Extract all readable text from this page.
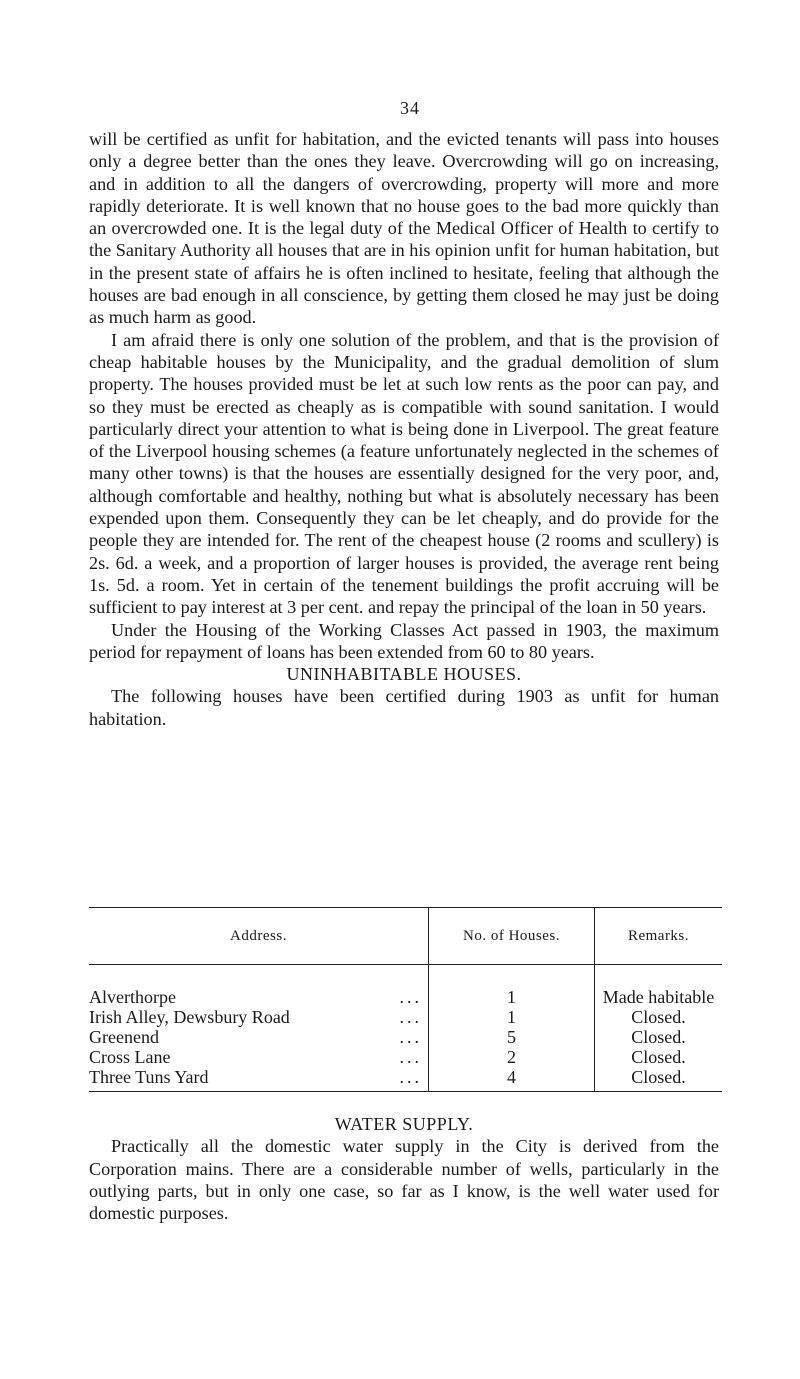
34

will be certified as unfit for habitation, and the evicted tenants will pass into houses only a degree better than the ones they leave. Overcrowding will go on increasing, and in addition to all the dangers of overcrowding, property will more and more rapidly deteriorate. It is well known that no house goes to the bad more quickly than an overcrowded one. It is the legal duty of the Medical Officer of Health to certify to the Sanitary Authority all houses that are in his opinion unfit for human habitation, but in the present state of affairs he is often inclined to hesitate, feeling that although the houses are bad enough in all conscience, by getting them closed he may just be doing as much harm as good.

I am afraid there is only one solution of the problem, and that is the provision of cheap habitable houses by the Municipality, and the gradual demolition of slum property. The houses provided must be let at such low rents as the poor can pay, and so they must be erected as cheaply as is compatible with sound sanitation. I would particularly direct your attention to what is being done in Liverpool. The great feature of the Liverpool housing schemes (a feature unfortunately neglected in the schemes of many other towns) is that the houses are essentially designed for the very poor, and, although comfortable and healthy, nothing but what is absolutely necessary has been expended upon them. Consequently they can be let cheaply, and do provide for the people they are intended for. The rent of the cheapest house (2 rooms and scullery) is 2s. 6d. a week, and a proportion of larger houses is provided, the average rent being 1s. 5d. a room. Yet in certain of the tenement buildings the profit accruing will be sufficient to pay interest at 3 per cent. and repay the principal of the loan in 50 years.

Under the Housing of the Working Classes Act passed in 1903, the maximum period for repayment of loans has been extended from 60 to 80 years.

UNINHABITABLE HOUSES.

The following houses have been certified during 1903 as unfit for human habitation.

Address.	No. of Houses.	Remarks.
Alverthorpe ...	1	Made habitable
Irish Alley, Dewsbury Road ...	1	Closed.
Greenend ...	5	Closed.
Cross Lane ...	2	Closed.
Three Tuns Yard ...	4	Closed.

WATER SUPPLY.

Practically all the domestic water supply in the City is derived from the Corporation mains. There are a considerable number of wells, particularly in the outlying parts, but in only one case, so far as I know, is the well water used for domestic purposes.
